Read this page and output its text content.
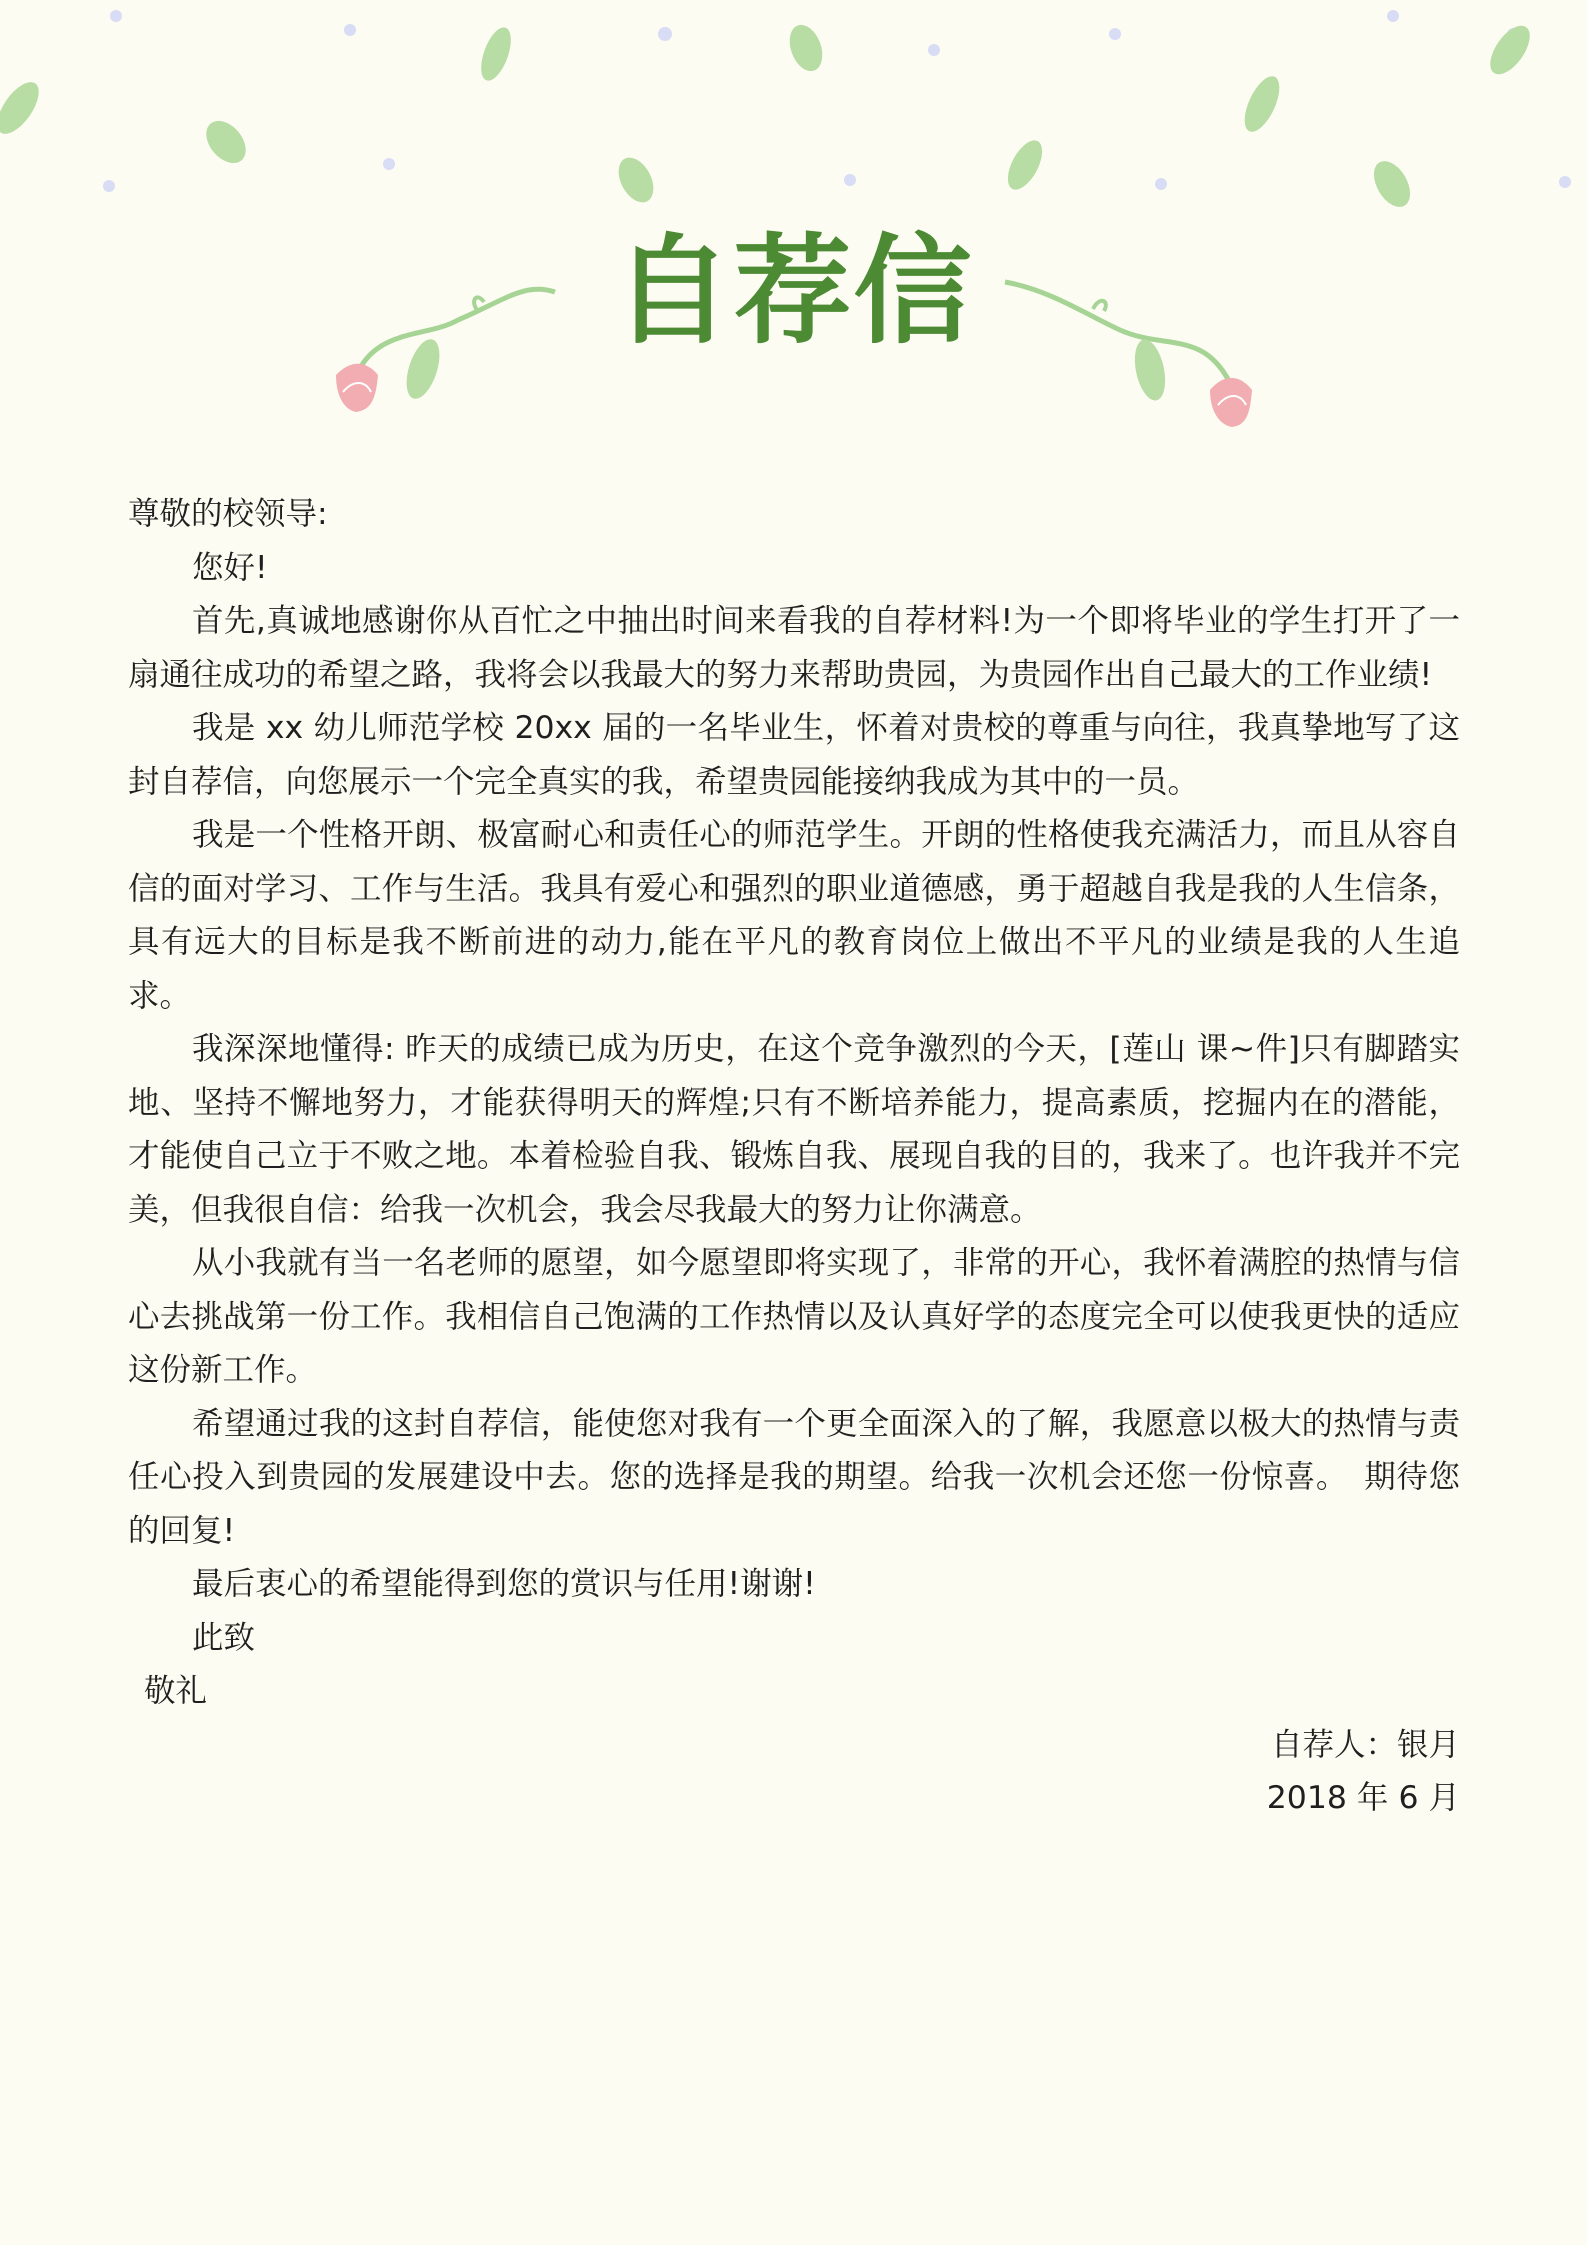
自荐信

尊敬的校领导:

您好!

首先,真诚地感谢你从百忙之中抽出时间来看我的自荐材料!为一个即将毕业的学生打开了一扇通往成功的希望之路，我将会以我最大的努力来帮助贵园，为贵园作出自己最大的工作业绩!

我是 xx 幼儿师范学校 20xx 届的一名毕业生，怀着对贵校的尊重与向往，我真挚地写了这封自荐信，向您展示一个完全真实的我，希望贵园能接纳我成为其中的一员。

我是一个性格开朗、极富耐心和责任心的师范学生。开朗的性格使我充满活力，而且从容自信的面对学习、工作与生活。我具有爱心和强烈的职业道德感，勇于超越自我是我的人生信条，具有远大的目标是我不断前进的动力,能在平凡的教育岗位上做出不平凡的业绩是我的人生追求。

我深深地懂得: 昨天的成绩已成为历史，在这个竞争激烈的今天，[莲山 课~件]只有脚踏实地、坚持不懈地努力，才能获得明天的辉煌;只有不断培养能力，提高素质，挖掘内在的潜能，才能使自己立于不败之地。本着检验自我、锻炼自我、展现自我的目的，我来了。也许我并不完美，但我很自信：给我一次机会，我会尽我最大的努力让你满意。

从小我就有当一名老师的愿望，如今愿望即将实现了，非常的开心，我怀着满腔的热情与信心去挑战第一份工作。我相信自己饱满的工作热情以及认真好学的态度完全可以使我更快的适应这份新工作。

希望通过我的这封自荐信，能使您对我有一个更全面深入的了解，我愿意以极大的热情与责任心投入到贵园的发展建设中去。您的选择是我的期望。给我一次机会还您一份惊喜。　期待您的回复!

最后衷心的希望能得到您的赏识与任用!谢谢!

此致

敬礼

自荐人：银月

2018 年 6 月
